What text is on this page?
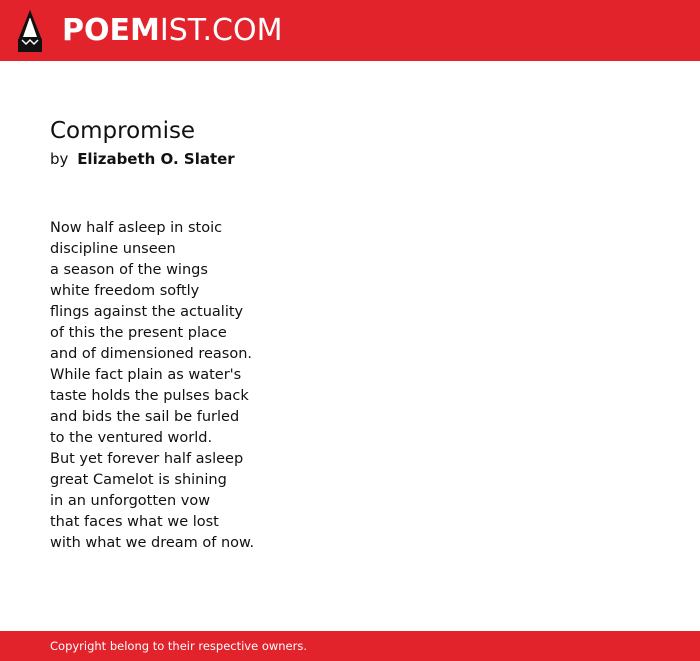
POEMIST.COM
Compromise
by Elizabeth O. Slater
Now half asleep in stoic
discipline unseen
a season of the wings
white freedom softly
flings against the actuality
of this the present place
and of dimensioned reason.
While fact plain as water's
taste holds the pulses back
and bids the sail be furled
to the ventured world.
But yet forever half asleep
great Camelot is shining
in an unforgotten vow
that faces what we lost
with what we dream of now.
Copyright belong to their respective owners.
